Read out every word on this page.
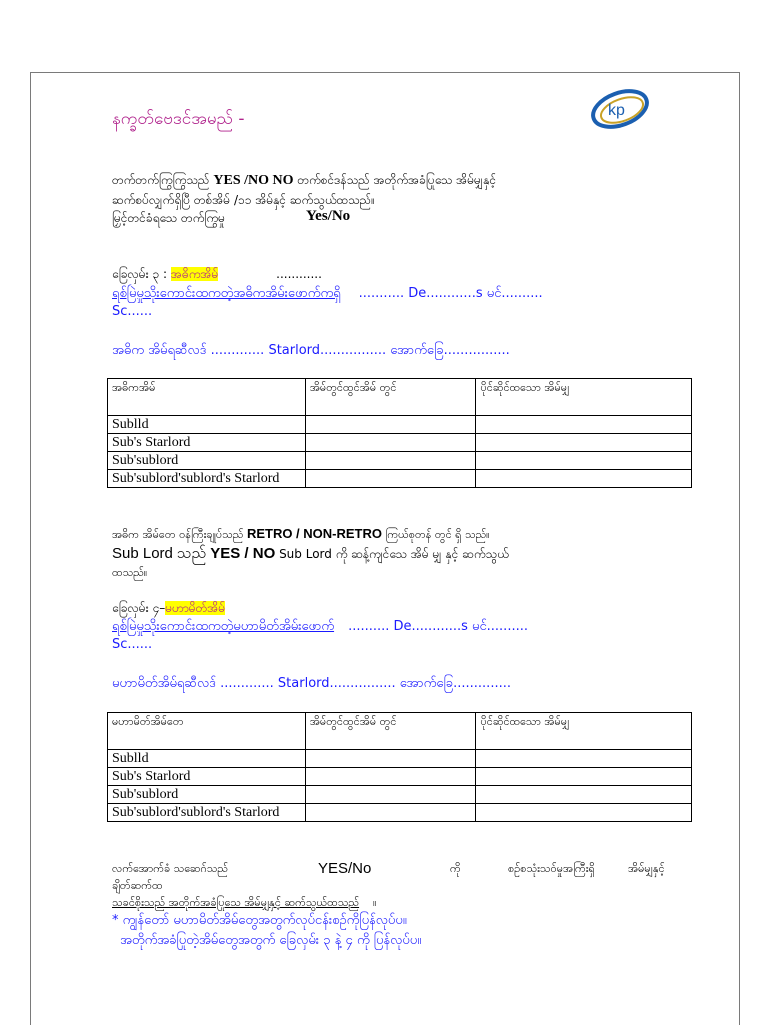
နက္ခတ်ဗေဒင်အမည် -	kp
တက်တက်ကြွကြွသည် YES /NO NO တက်စင်ဒန်သည် အတိုက်အခံပြုသေ အိမ်မျှနှင့်
ဆက်စပ်လျှက်ရှိပြီ တစ်အိမ် /၁၁ အိမ်နှင့် ဆက်သွယ်ထသည်။
မြှင့်တင်ခံရသေ တက်ကြွမှု	Yes/No
ခြေလှမ်း ၃ : အဓိကအိမ်	............
ရစ်မြဲမှုသိုးကောင်းထကတဲ့အဓိကအိမ်းဖောက်ကရှိ ........... De............s မင်..........
Sc......
အဓိက အိမ်ရဆီလဒ် ............. Starlord................ အောက်ခြေ................
အဓိကအိမ်	အိမ်တွင်ထွင်အိမ် တွင်	ပိုင်ဆိုင်ထသော အိမ်မျှ
Sublld		
Sub's Starlord		
Sub'sublord		
Sub'sublord'sublord's Starlord		
အဓိက အိမ်တေ ဝန်ကြီးချုပ်သည် RETRO / NON-RETRO ကြယ်စုတန် တွင် ရှိ သည်။
Sub Lord သည် YES / NO Sub Lord ကို ဆန့်ကျင်သေ အိမ် မျှ နှင့် ဆက်သွယ်
ထသည်။
ခြေလှမ်း ၄–မဟာမိတ်အိမ်
ရစ်မြဲမှုသိုးကောင်းထကတဲ့မဟာမိတ်အိမ်းဖောက် .......... De............s မင်..........
Sc......
မဟာမိတ်အိမ်ရဆီလဒ် ............. Starlord................ အောက်ခြေ..............
မဟာမိတ်အိမ်တေ	အိမ်တွင်ထွင်အိမ် တွင်	ပိုင်ဆိုင်ထသော အိမ်မျှ
Sublld		
Sub's Starlord		
Sub'sublord		
Sub'sublord'sublord's Starlord		
လက်အောက်ခံ သဆေဂ်သည်	YES/No	ကို	စဉ်စသုံးသဝ်မှုအကြီးရှိ	အိမ်မျှနှင့်
ချိတ်ဆက်ထ
သခင်စိုးသည် အတိုက်အခံပြုသေ အိမ်မျှနှင့် ဆက်သွယ်ထသည် ။
* ကျွန်တော် မဟာမိတ်အိမ်တွေအတွက်လုပ်ငန်းစဉ်ကိုပြန်လုပ်ပ။
အတိုက်အခံပြုတဲ့အိမ်တွေအတွက် ခြေလှမ်း ၃ နဲ့ ၄ ကို ပြန်လုပ်ပ။
